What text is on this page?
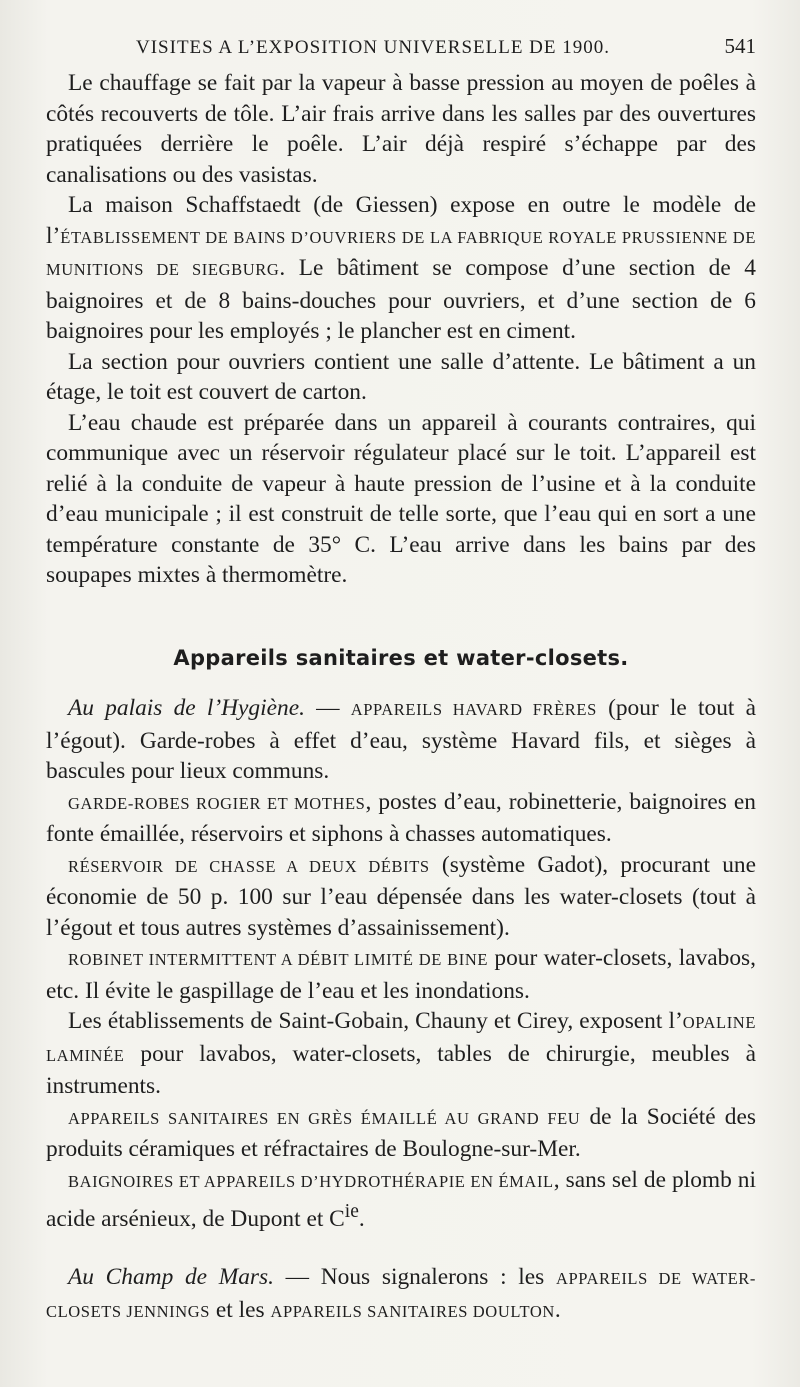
VISITES A L’EXPOSITION UNIVERSELLE DE 1900.	541

Le chauffage se fait par la vapeur à basse pression au moyen de poêles à côtés recouverts de tôle. L’air frais arrive dans les salles par des ouvertures pratiquées derrière le poêle. L’air déjà respiré s’échappe par des canalisations ou des vasistas.

La maison Schaffstaedt (de Giessen) expose en outre le modèle de l’ÉTABLISSEMENT DE BAINS D’OUVRIERS DE LA FABRIQUE ROYALE PRUSSIENNE DE MUNITIONS DE SIEGBURG. Le bâtiment se compose d’une section de 4 baignoires et de 8 bains-douches pour ouvriers, et d’une section de 6 baignoires pour les employés ; le plancher est en ciment.

La section pour ouvriers contient une salle d’attente. Le bâtiment a un étage, le toit est couvert de carton.

L’eau chaude est préparée dans un appareil à courants contraires, qui communique avec un réservoir régulateur placé sur le toit. L’appareil est relié à la conduite de vapeur à haute pression de l’usine et à la conduite d’eau municipale ; il est construit de telle sorte, que l’eau qui en sort a une température constante de 35° C. L’eau arrive dans les bains par des soupapes mixtes à thermomètre.

Appareils sanitaires et water-closets.

Au palais de l’Hygiène. — APPAREILS HAVARD FRÈRES (pour le tout à l’égout). Garde-robes à effet d’eau, système Havard fils, et sièges à bascules pour lieux communs.

GARDE-ROBES ROGIER ET MOTHES, postes d’eau, robinetterie, baignoires en fonte émaillée, réservoirs et siphons à chasses automatiques.

RÉSERVOIR DE CHASSE A DEUX DÉBITS (système Gadot), procurant une économie de 50 p. 100 sur l’eau dépensée dans les water-closets (tout à l’égout et tous autres systèmes d’assainissement).

ROBINET INTERMITTENT A DÉBIT LIMITÉ DE BINE pour water-closets, lavabos, etc. Il évite le gaspillage de l’eau et les inondations.

Les établissements de Saint-Gobain, Chauny et Cirey, exposent l’OPALINE LAMINÉE pour lavabos, water-closets, tables de chirurgie, meubles à instruments.

APPAREILS SANITAIRES EN GRÈS ÉMAILLÉ AU GRAND FEU de la Société des produits céramiques et réfractaires de Boulogne-sur-Mer.

BAIGNOIRES ET APPAREILS D’HYDROTHÉRAPIE EN ÉMAIL, sans sel de plomb ni acide arsénieux, de Dupont et $C^{ie}$.

Au Champ de Mars. — Nous signalerons : les APPAREILS DE WATER-CLOSETS JENNINGS et les APPAREILS SANITAIRES DOULTON.
